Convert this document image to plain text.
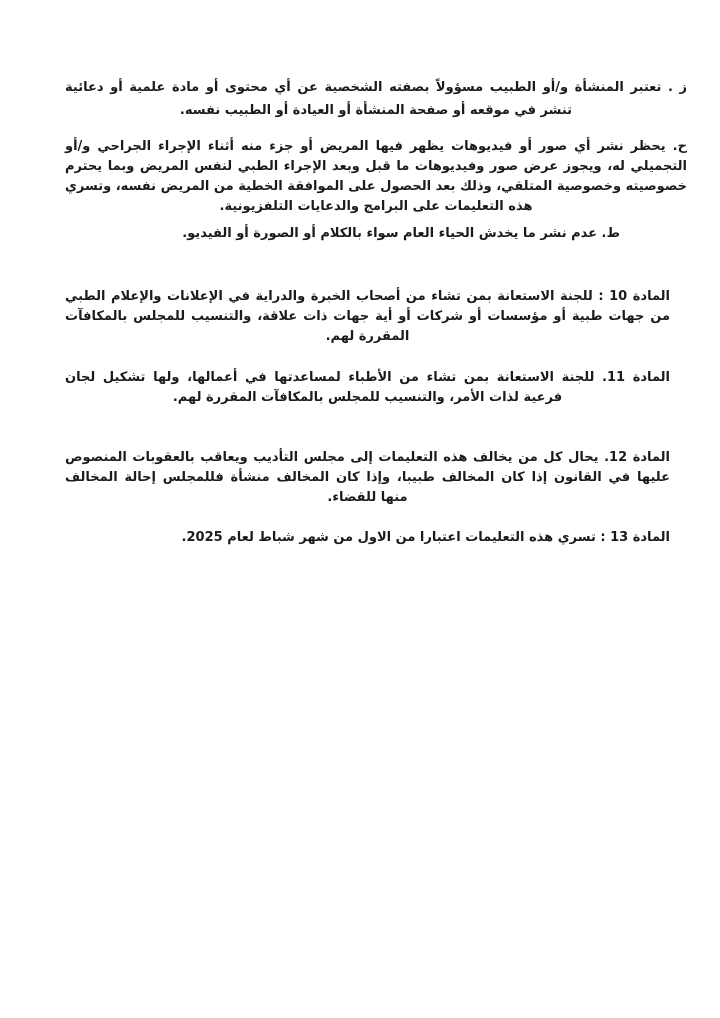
ز . تعتبر المنشأة و/أو الطبيب مسؤولاً بصفته الشخصية عن أي محتوى أو مادة علمية أو دعائية تنشر في موقعه أو صفحة المنشأة أو العيادة أو الطبيب نفسه.

ح. يحظر نشر أي صور أو فيديوهات يظهر فيها المريض أو جزء منه أثناء الإجراء الجراحي و/أو التجميلي له، ويجوز عرض صور وفيديوهات ما قبل وبعد الإجراء الطبي لنفس المريض وبما يحترم خصوصيته وخصوصية المتلقي، وذلك بعد الحصول على الموافقة الخطية من المريض نفسه، وتسري هذه التعليمات على البرامج والدعايات التلفزيونية.

ط. عدم نشر ما يخدش الحياء العام سواء بالكلام أو الصورة أو الفيديو.

المادة 10 : للجنة الاستعانة بمن تشاء من أصحاب الخبرة والدراية في الإعلانات والإعلام الطبي من جهات طبية أو مؤسسات أو شركات أو أية جهات ذات علاقة، والتنسيب للمجلس بالمكافآت المقررة لهم.

المادة 11. للجنة الاستعانة بمن تشاء من الأطباء لمساعدتها في أعمالها، ولها تشكيل لجان فرعية لذات الأمر، والتنسيب للمجلس بالمكافآت المقررة لهم.

المادة 12. يحال كل من يخالف هذه التعليمات إلى مجلس التأديب ويعاقب بالعقوبات المنصوص عليها في القانون إذا كان المخالف طبيبا، وإذا كان المخالف منشأة فللمجلس إحالة المخالف منها للقضاء.

المادة 13 : تسري هذه التعليمات اعتبارا من الاول من شهر شباط لعام 2025.
